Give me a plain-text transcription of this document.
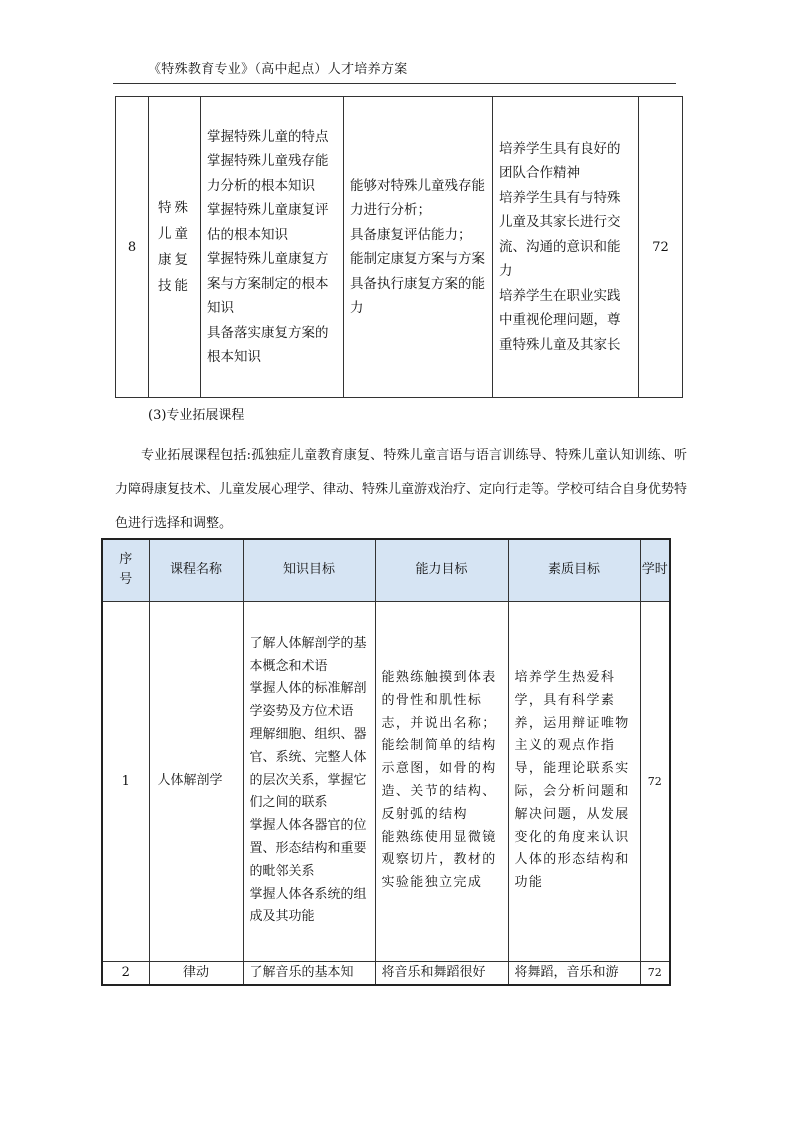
《特殊教育专业》（高中起点）人才培养方案
8	特殊儿童康复技能	掌握特殊儿童的特点
掌握特殊儿童残存能力分析的根本知识
掌握特殊儿童康复评估的根本知识
掌握特殊儿童康复方案与方案制定的根本知识
具备落实康复方案的根本知识	能够对特殊儿童残存能力进行分析；
具备康复评估能力；
能制定康复方案与方案
具备执行康复方案的能力	培养学生具有良好的团队合作精神
培养学生具有与特殊儿童及其家长进行交流、沟通的意识和能力
培养学生在职业实践中重视伦理问题，尊重特殊儿童及其家长	72
(3)专业拓展课程
专业拓展课程包括:孤独症儿童教育康复、特殊儿童言语与语言训练导、特殊儿童认知训练、听力障碍康复技术、儿童发展心理学、律动、特殊儿童游戏治疗、定向行走等。学校可结合自身优势特色进行选择和调整。
序号	课程名称	知识目标	能力目标	素质目标	学时
1	人体解剖学	了解人体解剖学的基本概念和术语
掌握人体的标准解剖学姿势及方位术语
理解细胞、组织、器官、系统、完整人体的层次关系，掌握它们之间的联系
掌握人体各器官的位置、形态结构和重要的毗邻关系
掌握人体各系统的组成及其功能	能熟练触摸到体表的骨性和肌性标志，并说出名称；
能绘制简单的结构示意图，如骨的构造、关节的结构、反射弧的结构
能熟练使用显微镜观察切片，教材的实验能独立完成	培养学生热爱科学，具有科学素养，运用辩证唯物主义的观点作指导，能理论联系实际，会分析问题和解决问题，从发展变化的角度来认识人体的形态结构和功能	72
2	律动	了解音乐的基本知	将音乐和舞蹈很好	将舞蹈，音乐和游	72
